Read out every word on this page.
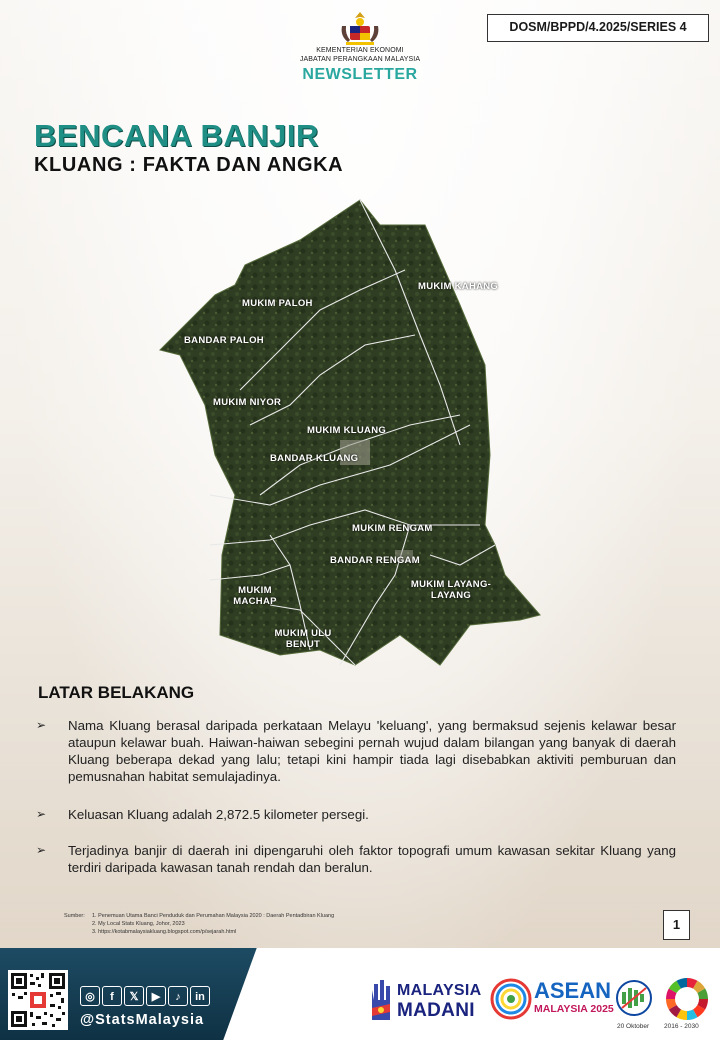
KEMENTERIAN EKONOMI
JABATAN PERANGKAAN MALAYSIA
NEWSLETTER
DOSM/BPPD/4.2025/SERIES 4
BENCANA BANJIR
KLUANG : FAKTA DAN ANGKA
MUKIM KAHANG
MUKIM PALOH
BANDAR PALOH
MUKIM NIYOR
MUKIM KLUANG
BANDAR KLUANG
MUKIM RENGAM
BANDAR RENGAM
MUKIM LAYANG-LAYANG
MUKIM MACHAP
MUKIM ULU BENUT
LATAR BELAKANG
➢ Nama Kluang berasal daripada perkataan Melayu 'keluang', yang bermaksud sejenis kelawar besar ataupun kelawar buah. Haiwan-haiwan sebegini pernah wujud dalam bilangan yang banyak di daerah Kluang beberapa dekad yang lalu; tetapi kini hampir tiada lagi disebabkan aktiviti pemburuan dan pemusnahan habitat semulajadinya.
➢ Keluasan Kluang adalah 2,872.5 kilometer persegi.
➢ Terjadinya banjir di daerah ini dipengaruhi oleh faktor topografi umum kawasan sekitar Kluang yang terdiri daripada kawasan tanah rendah dan beralun.
Sumber: 1. Penemuan Utama Banci Penduduk dan Perumahan Malaysia 2020 : Daerah Pentadbiran Kluang
2. My Local Stats Kluang, Johor, 2023
3. https://kotabmalaysiakluang.blogspot.com/p/sejarah.html	1
◎	f	𝕏	▶	♪	in
@StatsMalaysia
MALAYSIA
MADANI
ASEAN
MALAYSIA 2025
20 Oktober 2016 - 2030
